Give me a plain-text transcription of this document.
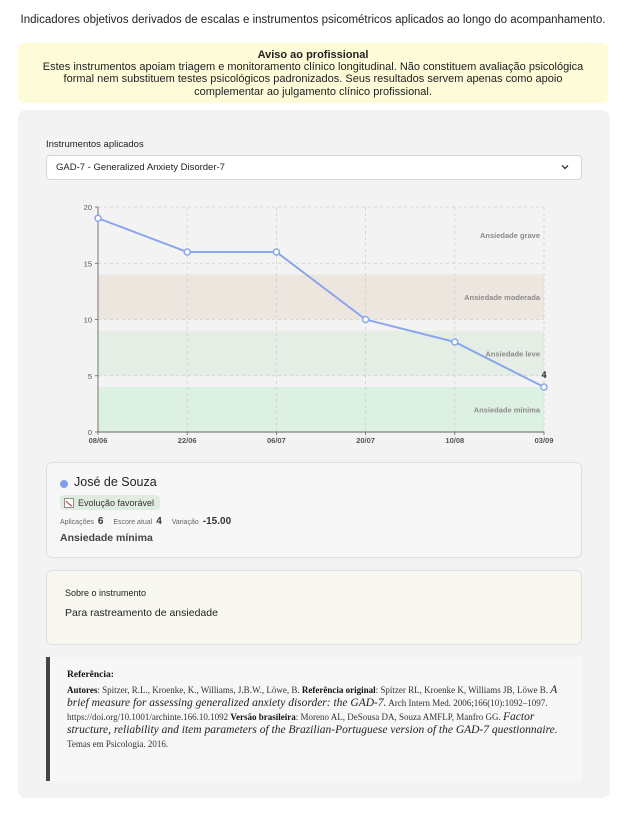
Indicadores objetivos derivados de escalas e instrumentos psicométricos aplicados ao longo do acompanhamento.
Aviso ao profissional
Estes instrumentos apoiam triagem e monitoramento clínico longitudinal. Não constituem avaliação psicológica
formal nem substituem testes psicológicos padronizados. Seus resultados servem apenas como apoio
complementar ao julgamento clínico profissional.
Instrumentos aplicados
GAD-7 - Generalized Anxiety Disorder-7
0
5
10
15
20
08/06	22/06	06/07	20/07	10/08	03/09
Ansiedade grave
Ansiedade moderada
Ansiedade leve
Ansiedade mínima
4
José de Souza
Evolução favorável
Aplicações 6 Escore atual 4 Variação -15.00
Ansiedade mínima
Sobre o instrumento
Para rastreamento de ansiedade
Referência:
Autores: Spitzer, R.L., Kroenke, K., Williams, J.B.W., Löwe, B. Referência original: Spitzer RL, Kroenke K, Williams JB, Löwe B. A brief measure for assessing generalized anxiety disorder: the GAD-7. Arch Intern Med. 2006;166(10):1092–1097. https://doi.org/10.1001/archinte.166.10.1092 Versão brasileira: Moreno AL, DeSousa DA, Souza AMFLP, Manfro GG. Factor structure, reliability and item parameters of the Brazilian-Portuguese version of the GAD-7 questionnaire. Temas em Psicologia. 2016.
